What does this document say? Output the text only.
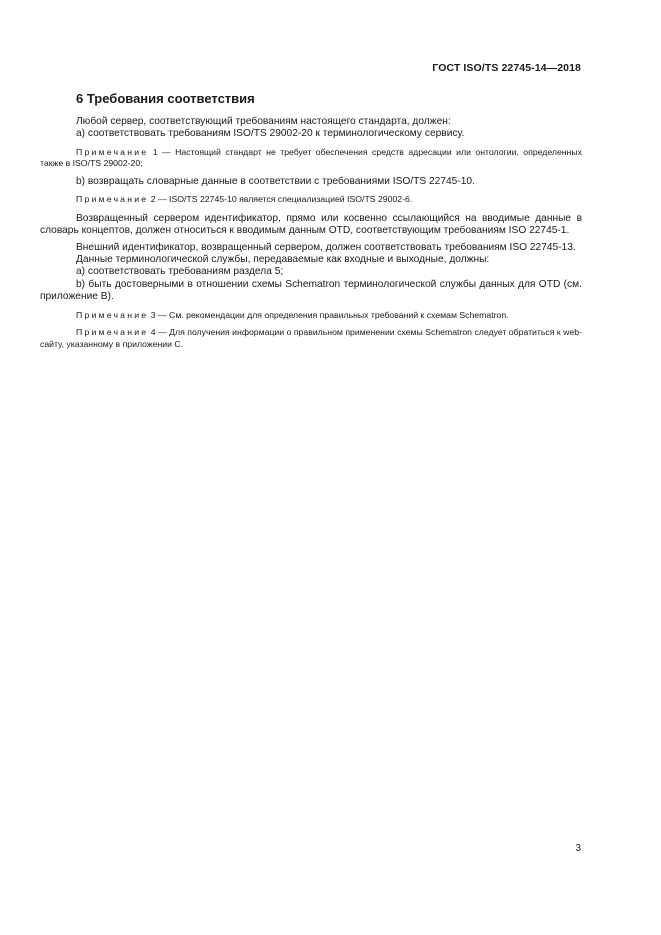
ГОСТ ISO/TS 22745-14—2018
6 Требования соответствия

Любой сервер, соответствующий требованиям настоящего стандарта, должен:

а) соответствовать требованиям ISO/TS 29002-20 к терминологическому сервису.

Примечание 1 — Настоящий стандарт не требует обеспечения средств адресации или онтологии, определенных также в ISO/TS 29002-20;

b) возвращать словарные данные в соответствии с требованиями ISO/TS 22745-10.

Примечание 2 — ISO/TS 22745-10 является специализацией ISO/TS 29002-6.

Возвращенный сервером идентификатор, прямо или косвенно ссылающийся на вводимые данные в словарь концептов, должен относиться к вводимым данным OTD, соответствующим требованиям ISO 22745-1.

Внешний идентификатор, возвращенный сервером, должен соответствовать требованиям ISO 22745-13.

Данные терминологической службы, передаваемые как входные и выходные, должны:

а) соответствовать требованиям раздела 5;

b) быть достоверными в отношении схемы Schematron терминологической службы данных для OTD (см. приложение В).

Примечание 3 — См. рекомендации для определения правильных требований к схемам Schematron.

Примечание 4 — Для получения информации о правильном применении схемы Schematron следует обратиться к web-сайту, указанному в приложении С.

3
